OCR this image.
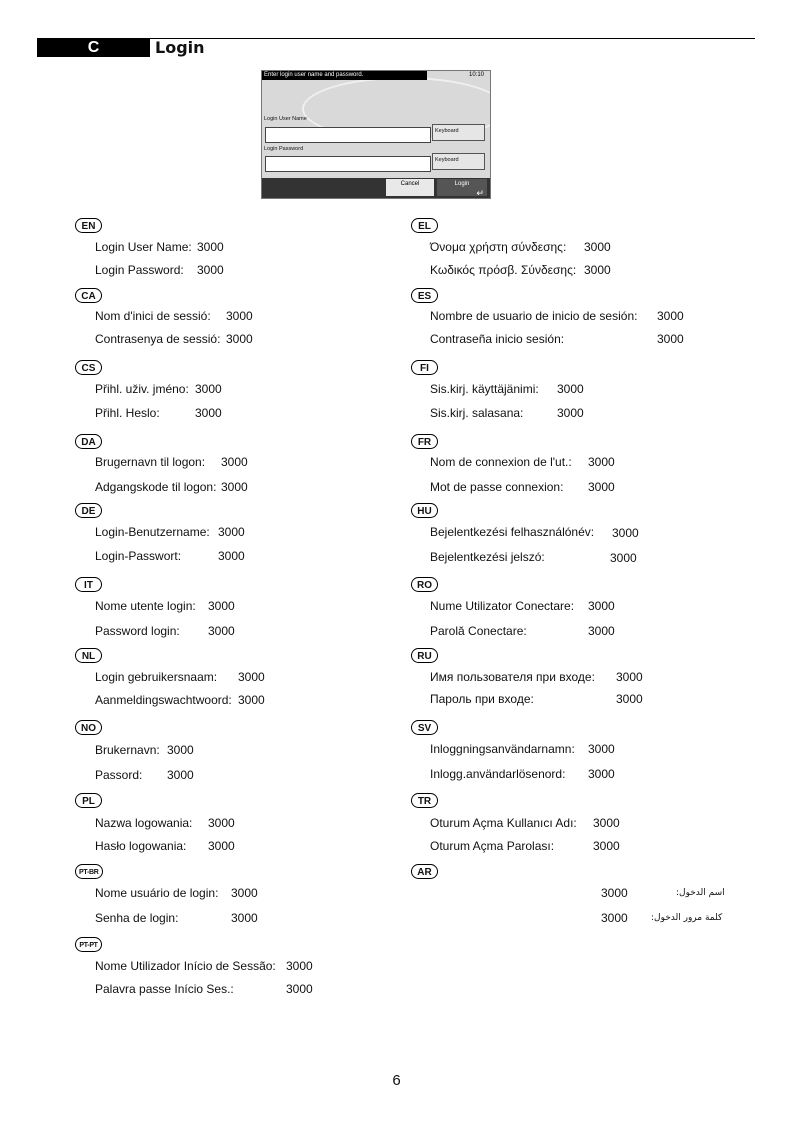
C	Login
Enter login user name and password.	10:10
Login User Name
Keyboard
Login Password
Keyboard
Cancel	Login
↵
EN
Login User Name: 3000
Login Password: 3000
CA
Nom d'inici de sessió: 3000
Contrasenya de sessió: 3000
CS
Přihl. uživ. jméno: 3000
Přihl. Heslo:	3000
DA
Brugernavn til logon: 3000
Adgangskode til logon: 3000
DE
Login-Benutzername: 3000
Login-Passwort:	3000
IT
Nome utente login: 3000
Password login: 3000
NL
Login gebruikersnaam: 3000
Aanmeldingswachtwoord: 3000
NO
Brukernavn: 3000
Passord: 3000
PL
Nazwa logowania: 3000
Hasło logowania: 3000
PT-BR
Nome usuário de login: 3000
Senha de login:	3000
PT-PT
Nome Utilizador Início de Sessão: 3000
Palavra passe Início Ses.:	3000
EL
Όνομα χρήστη σύνδεσης: 3000
Κωδικός πρόσβ. Σύνδεσης: 3000
ES
Nombre de usuario de inicio de sesión: 3000
Contraseña inicio sesión:	3000
FI
Sis.kirj. käyttäjänimi: 3000
Sis.kirj. salasana:	3000
FR
Nom de connexion de l'ut.: 3000
Mot de passe connexion: 3000
HU
Bejelentkezési felhasználónév: 3000
Bejelentkezési jelszó:	3000
RO
Nume Utilizator Conectare: 3000
Parolă Conectare:	3000
RU
Имя пользователя при входе: 3000
Пароль при входе:	3000
SV
Inloggningsanvändarnamn: 3000
Inlogg.användarlösenord: 3000
TR
Oturum Açma Kullanıcı Adı: 3000
Oturum Açma Parolası:	3000
AR
3000	اسم الدخول:
3000	كلمة مرور الدخول:
6
